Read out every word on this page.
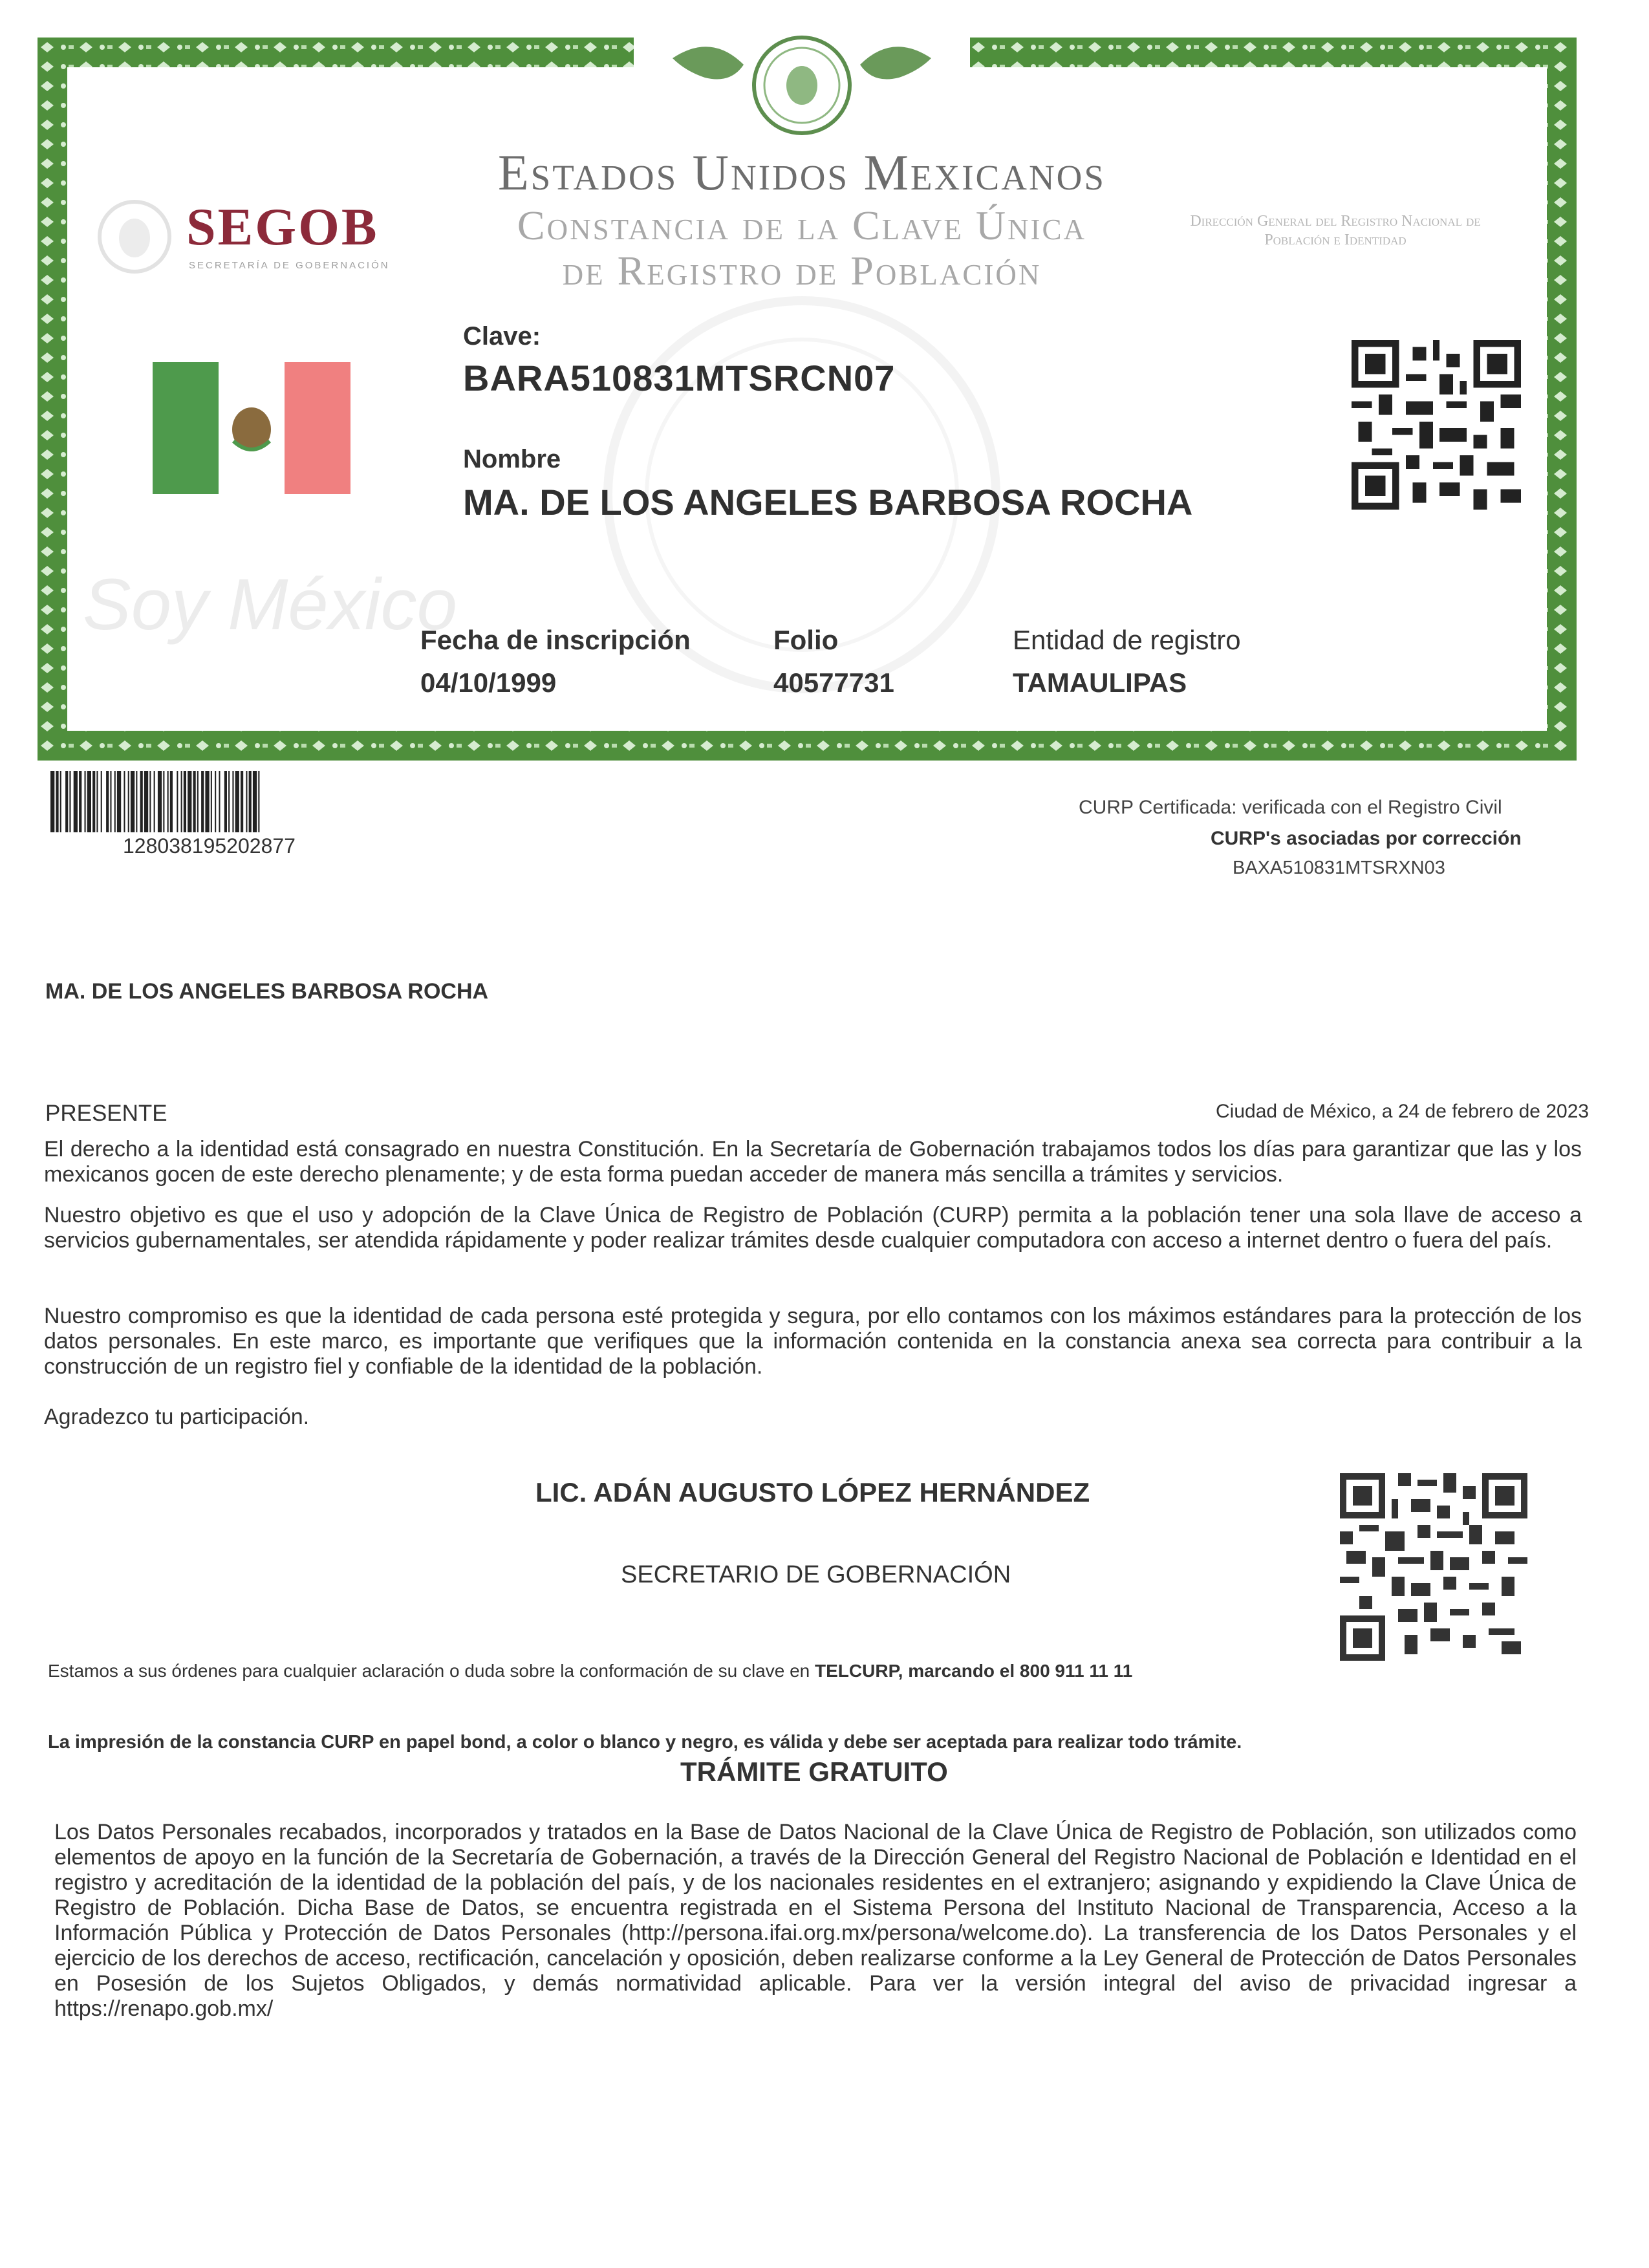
Estados Unidos Mexicanos
Constancia de la Clave Única
de Registro de Población
SEGOB
SECRETARÍA DE GOBERNACIÓN
Dirección General del Registro Nacional de Población e Identidad
Soy México
Clave:
BARA510831MTSRCN07
Nombre
MA. DE LOS ANGELES BARBOSA ROCHA
Fecha de inscripción
04/10/1999
Folio
40577731
Entidad de registro
TAMAULIPAS
128038195202877
CURP Certificada: verificada con el Registro Civil
CURP's asociadas por corrección
BAXA510831MTSRXN03
MA. DE LOS ANGELES BARBOSA ROCHA
PRESENTE	Ciudad de México, a 24 de febrero de 2023
El derecho a la identidad está consagrado en nuestra Constitución. En la Secretaría de Gobernación trabajamos todos los días para garantizar que las y los mexicanos gocen de este derecho plenamente; y de esta forma puedan acceder de manera más sencilla a trámites y servicios.
Nuestro objetivo es que el uso y adopción de la Clave Única de Registro de Población (CURP) permita a la población tener una sola llave de acceso a servicios gubernamentales, ser atendida rápidamente y poder realizar trámites desde cualquier computadora con acceso a internet dentro o fuera del país.
Nuestro compromiso es que la identidad de cada persona esté protegida y segura, por ello contamos con los máximos estándares para la protección de los datos personales. En este marco, es importante que verifiques que la información contenida en la constancia anexa sea correcta para contribuir a la construcción de un registro fiel y confiable de la identidad de la población.
Agradezco tu participación.
LIC. ADÁN AUGUSTO LÓPEZ HERNÁNDEZ
SECRETARIO DE GOBERNACIÓN
Estamos a sus órdenes para cualquier aclaración o duda sobre la conformación de su clave en TELCURP, marcando el 800 911 11 11
La impresión de la constancia CURP en papel bond, a color o blanco y negro, es válida y debe ser aceptada para realizar todo trámite.
TRÁMITE GRATUITO
Los Datos Personales recabados, incorporados y tratados en la Base de Datos Nacional de la Clave Única de Registro de Población, son utilizados como elementos de apoyo en la función de la Secretaría de Gobernación, a través de la Dirección General del Registro Nacional de Población e Identidad en el registro y acreditación de la identidad de la población del país, y de los nacionales residentes en el extranjero; asignando y expidiendo la Clave Única de Registro de Población. Dicha Base de Datos, se encuentra registrada en el Sistema Persona del Instituto Nacional de Transparencia, Acceso a la Información Pública y Protección de Datos Personales (http://persona.ifai.org.mx/persona/welcome.do). La transferencia de los Datos Personales y el ejercicio de los derechos de acceso, rectificación, cancelación y oposición, deben realizarse conforme a la Ley General de Protección de Datos Personales en Posesión de los Sujetos Obligados, y demás normatividad aplicable. Para ver la versión integral del aviso de privacidad ingresar a https://renapo.gob.mx/
